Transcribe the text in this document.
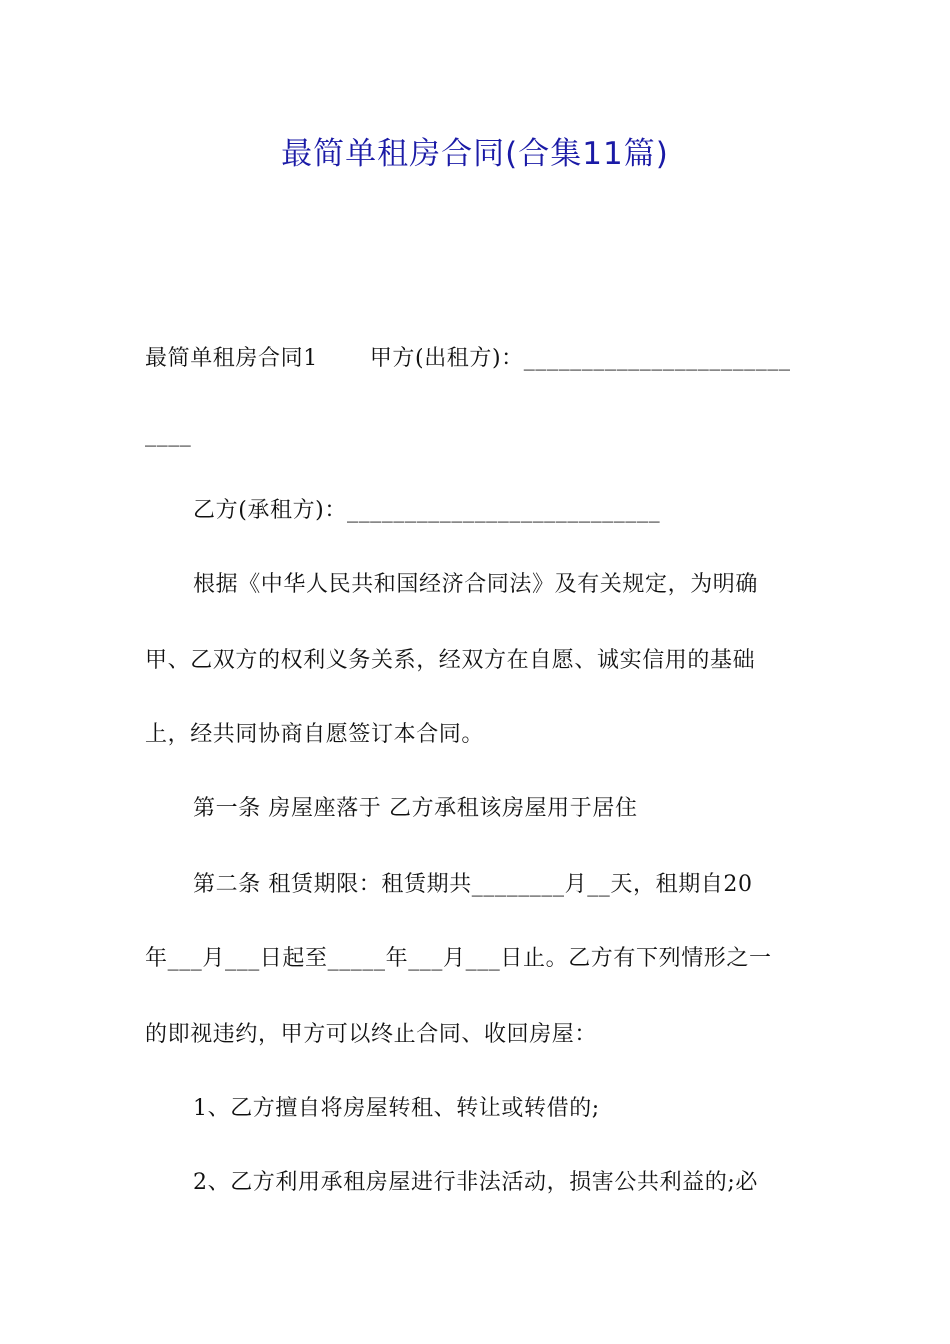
最简单租房合同(合集11篇)
最简单租房合同1 甲方(出租方)：_______________________
____
乙方(承租方)：___________________________
根据《中华人民共和国经济合同法》及有关规定，为明确
甲、乙双方的权利义务关系，经双方在自愿、诚实信用的基础
上，经共同协商自愿签订本合同。
第一条 房屋座落于 乙方承租该房屋用于居住
第二条 租赁期限：租赁期共________月__天，租期自20
年___月___日起至_____年___月___日止。乙方有下列情形之一
的即视违约，甲方可以终止合同、收回房屋：
1、乙方擅自将房屋转租、转让或转借的;
2、乙方利用承租房屋进行非法活动，损害公共利益的;必
